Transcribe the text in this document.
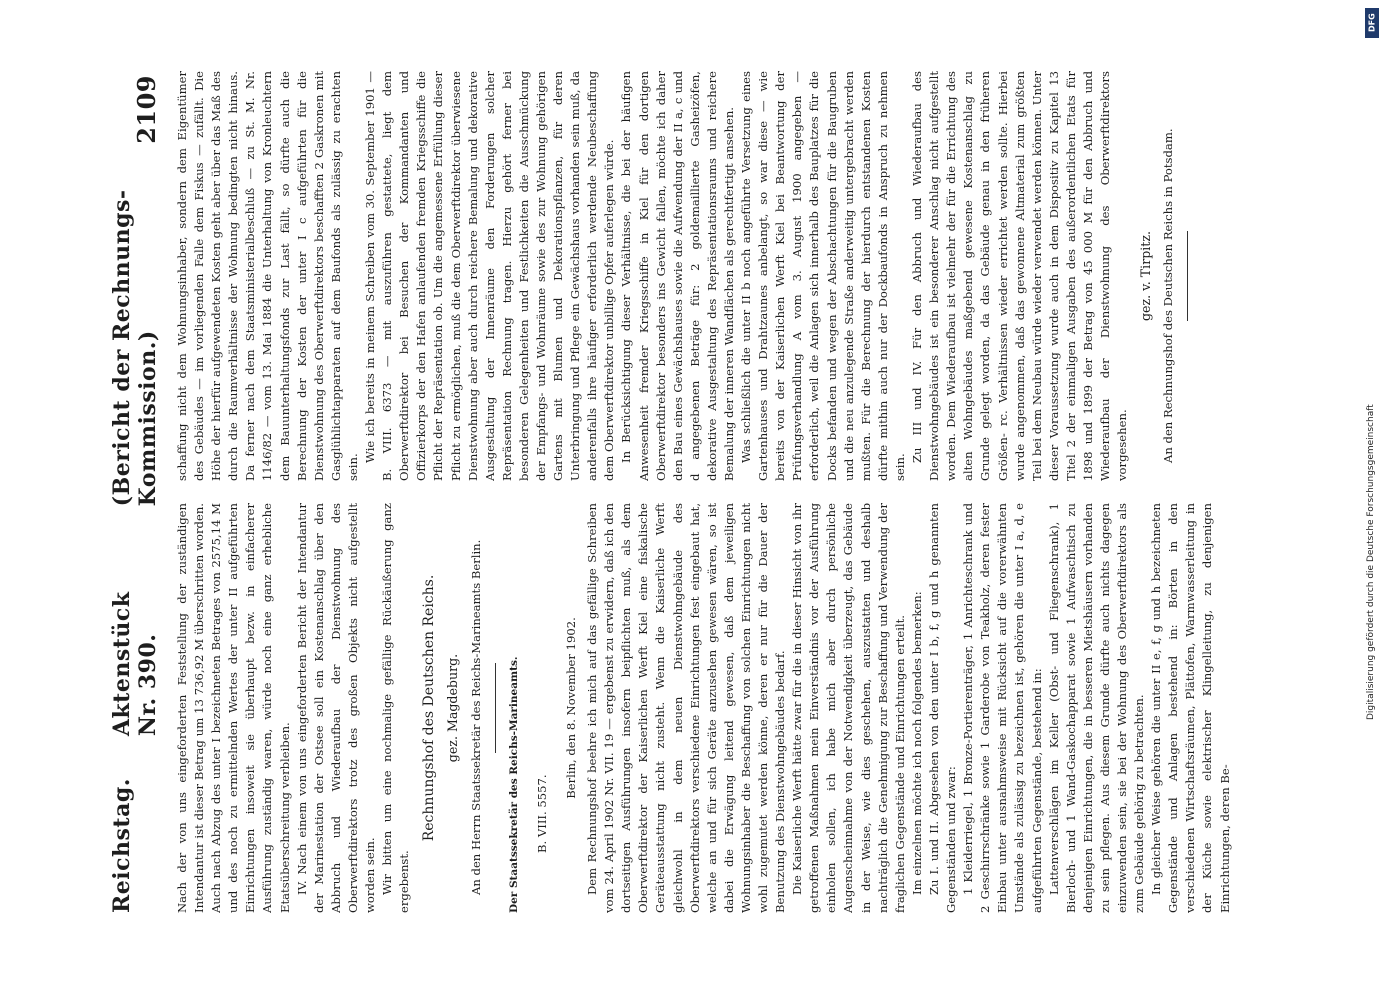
Reichstag.
Aktenstück Nr. 390.
(Bericht der Rechnungs-Kommission.)
2109

Nach der von uns eingeforderten Feststellung der zuständigen Intendantur ist dieser Betrag um 13 736,92 M überschritten worden. Auch nach Abzug des unter I bezeichneten Betrages von 2575,14 M und des noch zu ermittelnden Wertes der unter II aufgeführten Einrichtungen insoweit sie überhaupt bezw. in einfacherer Ausführung zuständig waren, würde noch eine ganz erhebliche Etatsüberschreitung verbleiben. IV. Nach einem von uns eingeforderten Bericht der Intendantur der Marinestation der Ostsee soll ein Kostenanschlag über den Abbruch und Wiederaufbau der Dienstwohnung des Oberwerftdirektors trotz des großen Objekts nicht aufgestellt worden sein. Wir bitten um eine nochmalige gefällige Rückäußerung ganz ergebenst.

Rechnungshof des Deutschen Reichs. gez. Magdeburg. An den Herrn Staatssekretär des Reichs-Marineamts Berlin. Der Staatssekretär des Reichs-Marineamts. B. VIII. 5557.

Berlin, den 8. November 1902. Dem Rechnungshof beehre ich mich auf das gefällige Schreiben vom 24. April 1902 Nr. VII. 19 — ergebenst zu erwidern, daß ich den dortseitigen Ausführungen insofern beipflichten muß, als dem Oberwerftdirektor der Kaiserlichen Werft Kiel eine fiskalische Geräteausstattung nicht zusteht. Wenn die Kaiserliche Werft gleichwohl in dem neuen Dienstwohngebäude des Oberwerftdirektors verschiedene Einrichtungen fest eingebaut hat, welche an und für sich Geräte anzusehen gewesen wären, so ist dabei die Erwägung leitend gewesen, daß dem jeweiligen Wohnungsinhaber die Beschaffung von solchen Einrichtungen nicht wohl zugemutet werden könne, deren er nur für die Dauer der Benutzung des Dienstwohngebäudes bedarf. Die Kaiserliche Werft hätte zwar für die in dieser Hinsicht von ihr getroffenen Maßnahmen mein Einverständnis vor der Ausführung einholen sollen, ich habe mich aber durch persönliche Augenscheinnahme von der Notwendigkeit überzeugt, das Gebäude in der Weise, wie dies geschehen, auszustatten und deshalb nachträglich die Genehmigung zur Beschaffung und Verwendung der fraglichen Gegenstände und Einrichtungen erteilt. Im einzelnen möchte ich noch folgendes bemerken: Zu I. und II. Abgesehen von den unter I b, f, g und h genannten Gegenständen und zwar: 1 Kleiderriegel, 1 Bronze-Portierenträger, 1 Anrichteschrank und 2 Geschirrschränke sowie 1 Garderobe von Teakholz, deren fester Einbau unter ausnahmsweise mit Rücksicht auf die vorerwähnten Umstände als zulässig zu bezeichnen ist, gehören die unter I a, d, e aufgeführten Gegenstände, bestehend in: Lattenverschlägen im Keller (Obst- und Fliegenschrank), 1 Bierloch- und 1 Wand-Gaskochapparat sowie 1 Aufwaschtisch zu denjenigen Einrichtungen, die in besseren Mietshäusern vorhanden zu sein pflegen. Aus diesem Grunde dürfte auch nichts dagegen einzuwenden sein, sie bei der Wohnung des Oberwerftdirektors als zum Gebäude gehörig zu betrachten. In gleicher Weise gehören die unter II e, f, g und h bezeichneten Gegenstände und Anlagen bestehend in: Börten in den verschiedenen Wirtschaftsräumen, Plättofen, Warmwasserleitung in der Küche sowie elektrischer Klingelleitung, zu denjenigen Einrichtungen, deren Be-

schaffung nicht dem Wohnungsinhaber, sondern dem Eigentümer des Gebäudes — im vorliegenden Falle dem Fiskus — zufällt. Die Höhe der hierfür aufgewendeten Kosten geht aber über das Maß des durch die Raumverhältnisse der Wohnung bedingten nicht hinaus. Da ferner nach dem Staatsministerialbeschluß — zu St. M. Nr. 1146/82 — vom 13. Mai 1884 die Unterhaltung von Kronleuchtern dem Bauunterhaltungsfonds zur Last fällt, so dürfte auch die Berechnung der Kosten der unter I c aufgeführten für die Dienstwohnung des Oberwerftdirektors beschafften 2 Gaskronen mit Gasglühlichtapparaten auf dem Baufonds als zulässig zu erachten sein.

Wie ich bereits in meinem Schreiben vom 30. September 1901 — B. VIII. 6373 — mit auszuführen gestattete, liegt dem Oberwerftdirektor bei Besuchen der Kommandanten und Offizierkorps der den Hafen anlaufenden fremden Kriegsschiffe die Pflicht der Repräsentation ob. Um die angemessene Erfüllung dieser Pflicht zu ermöglichen, muß die dem Oberwerftdirektor überwiesene Dienstwohnung aber auch durch reichere Bemalung und dekorative Ausgestaltung der Innenräume den Forderungen solcher Repräsentation Rechnung tragen. Hierzu gehört ferner bei besonderen Gelegenheiten und Festlichkeiten die Ausschmückung der Empfangs- und Wohnräume sowie des zur Wohnung gehörigen Gartens mit Blumen und Dekorationspflanzen, für deren Unterbringung und Pflege ein Gewächshaus vorhanden sein muß, da anderenfalls ihre häufiger erforderlich werdende Neubeschaffung dem Oberwerftdirektor unbillige Opfer auferlegen würde. In Berücksichtigung dieser Verhältnisse, die bei der häufigen Anwesenheit fremder Kriegsschiffe in Kiel für den dortigen Oberwerftdirektor besonders ins Gewicht fallen, möchte ich daher den Bau eines Gewächshauses sowie die Aufwendung der II a, c und d angegebenen Beträge für: 2 goldemaillierte Gasheizöfen, dekorative Ausgestaltung des Repräsentationsraums und reichere Bemalung der inneren Wandflächen als gerechtfertigt ansehen. Was schließlich die unter II b noch angeführte Versetzung eines Gartenhauses und Drahtzaunes anbelangt, so war diese — wie bereits von der Kaiserlichen Werft Kiel bei Beantwortung der Prüfungsverhandlung A vom 3. August 1900 angegeben — erforderlich, weil die Anlagen sich innerhalb des Bauplatzes für die Docks befanden und wegen der Abschachtungen für die Baugruben und die neu anzulegende Straße anderweitig untergebracht werden mußten. Für die Berechnung der hierdurch entstandenen Kosten dürfte mithin auch nur der Dockbaufonds in Anspruch zu nehmen sein.

Zu III und IV. Für den Abbruch und Wiederaufbau des Dienstwohngebäudes ist ein besonderer Anschlag nicht aufgestellt worden. Dem Wiederaufbau ist vielmehr der für die Errichtung des alten Wohngebäudes maßgebend gewesene Kostenanschlag zu Grunde gelegt worden, da das Gebäude genau in den früheren Größen- rc. Verhältnissen wieder errichtet werden sollte. Hierbei wurde angenommen, daß das gewonnene Altmaterial zum größten Teil bei dem Neubau würde wieder verwendet werden können. Unter dieser Voraussetzung wurde auch in dem Dispositiv zu Kapitel 13 Titel 2 der einmaligen Ausgaben des außerordentlichen Etats für 1898 und 1899 der Betrag von 45 000 M für den Abbruch und Wiederaufbau der Dienstwohnung des Oberwerftdirektors vorgesehen.

gez. v. Tirpitz. An den Rechnungshof des Deutschen Reichs in Potsdam.

DFG
Digitalisierung gefördert durch die Deutsche Forschungsgemeinschaft
